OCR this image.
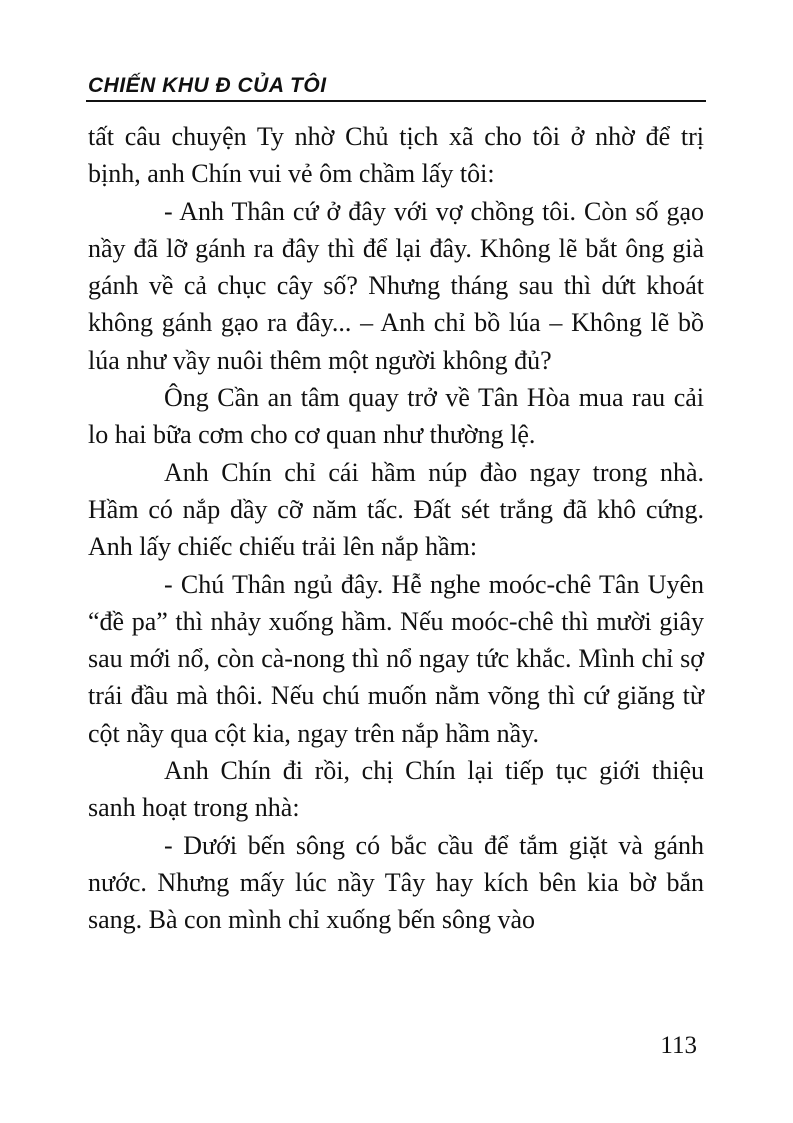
CHIẾN KHU Đ CỦA TÔI

tất câu chuyện Ty nhờ Chủ tịch xã cho tôi ở nhờ để trị bịnh, anh Chín vui vẻ ôm chầm lấy tôi:

- Anh Thân cứ ở đây với vợ chồng tôi. Còn số gạo nầy đã lỡ gánh ra đây thì để lại đây. Không lẽ bắt ông già gánh về cả chục cây số? Nhưng tháng sau thì dứt khoát không gánh gạo ra đây... – Anh chỉ bồ lúa – Không lẽ bồ lúa như vầy nuôi thêm một người không đủ?

Ông Cần an tâm quay trở về Tân Hòa mua rau cải lo hai bữa cơm cho cơ quan như thường lệ.

Anh Chín chỉ cái hầm núp đào ngay trong nhà. Hầm có nắp dầy cỡ năm tấc. Đất sét trắng đã khô cứng. Anh lấy chiếc chiếu trải lên nắp hầm:

- Chú Thân ngủ đây. Hễ nghe moóc-chê Tân Uyên “đề pa” thì nhảy xuống hầm. Nếu moóc-chê thì mười giây sau mới nổ, còn cà-nong thì nổ ngay tức khắc. Mình chỉ sợ trái đầu mà thôi. Nếu chú muốn nằm võng thì cứ giăng từ cột nầy qua cột kia, ngay trên nắp hầm nầy.

Anh Chín đi rồi, chị Chín lại tiếp tục giới thiệu sanh hoạt trong nhà:

- Dưới bến sông có bắc cầu để tắm giặt và gánh nước. Nhưng mấy lúc nầy Tây hay kích bên kia bờ bắn sang. Bà con mình chỉ xuống bến sông vào

113
